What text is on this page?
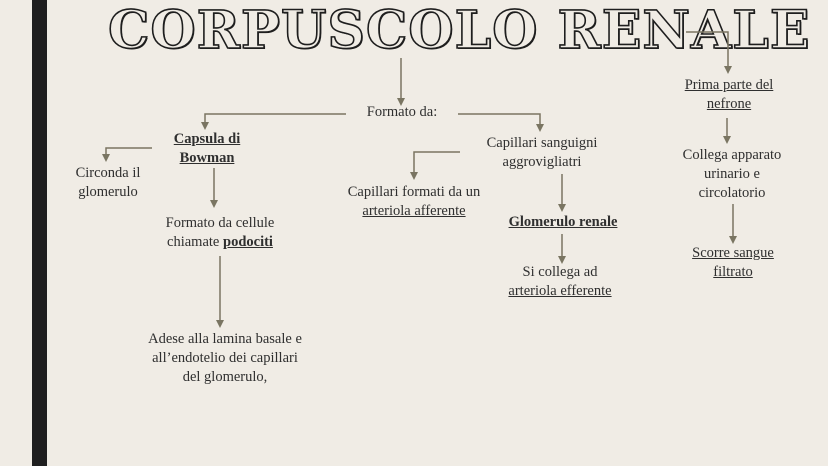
CORPUSCOLO RENALE
Formato da:
Capsula di
Bowman
Circonda il
glomerulo
Formato da cellule
chiamate podociti
Adese alla lamina basale e
all’endotelio dei capillari
del glomerulo,
Capillari sanguigni
aggrovigliatri
Capillari formati da un
arteriola afferente
Glomerulo renale
Si collega ad
arteriola efferente
Prima parte del
nefrone
Collega apparato
urinario e
circolatorio
Scorre sangue
filtrato
